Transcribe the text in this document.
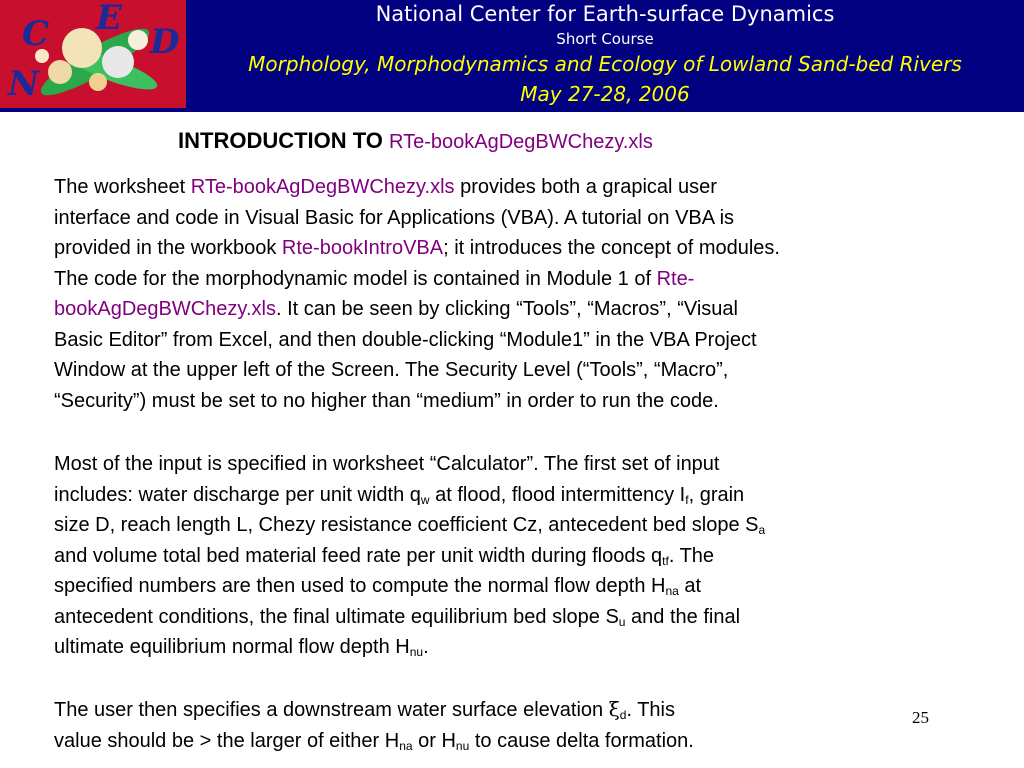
C E
D
N
National Center for Earth-surface Dynamics
Short Course
Morphology, Morphodynamics and Ecology of Lowland Sand-bed Rivers
May 27-28, 2006
INTRODUCTION TO RTe-bookAgDegBWChezy.xls
The worksheet RTe-bookAgDegBWChezy.xls provides both a grapical user
interface and code in Visual Basic for Applications (VBA). A tutorial on VBA is
provided in the workbook Rte-bookIntroVBA; it introduces the concept of modules.
The code for the morphodynamic model is contained in Module 1 of Rte-
bookAgDegBWChezy.xls. It can be seen by clicking “Tools”, “Macros”, “Visual
Basic Editor” from Excel, and then double-clicking “Module1” in the VBA Project
Window at the upper left of the Screen. The Security Level (“Tools”, “Macro”,
“Security”) must be set to no higher than “medium” in order to run the code.
Most of the input is specified in worksheet “Calculator”. The first set of input
includes: water discharge per unit width $q_w$ at flood, flood intermittency $I_f$, grain
size D, reach length L, Chezy resistance coefficient Cz, antecedent bed slope $S_a$
and volume total bed material feed rate per unit width during floods $q_{tf}$. The
specified numbers are then used to compute the normal flow depth $H_{na}$ at
antecedent conditions, the final ultimate equilibrium bed slope $S_u$ and the final
ultimate equilibrium normal flow depth $H_{nu}$.
The user then specifies a downstream water surface elevation $\xi_d$. This
value should be > the larger of either $H_{na}$ or $H_{nu}$ to cause delta formation.
25
